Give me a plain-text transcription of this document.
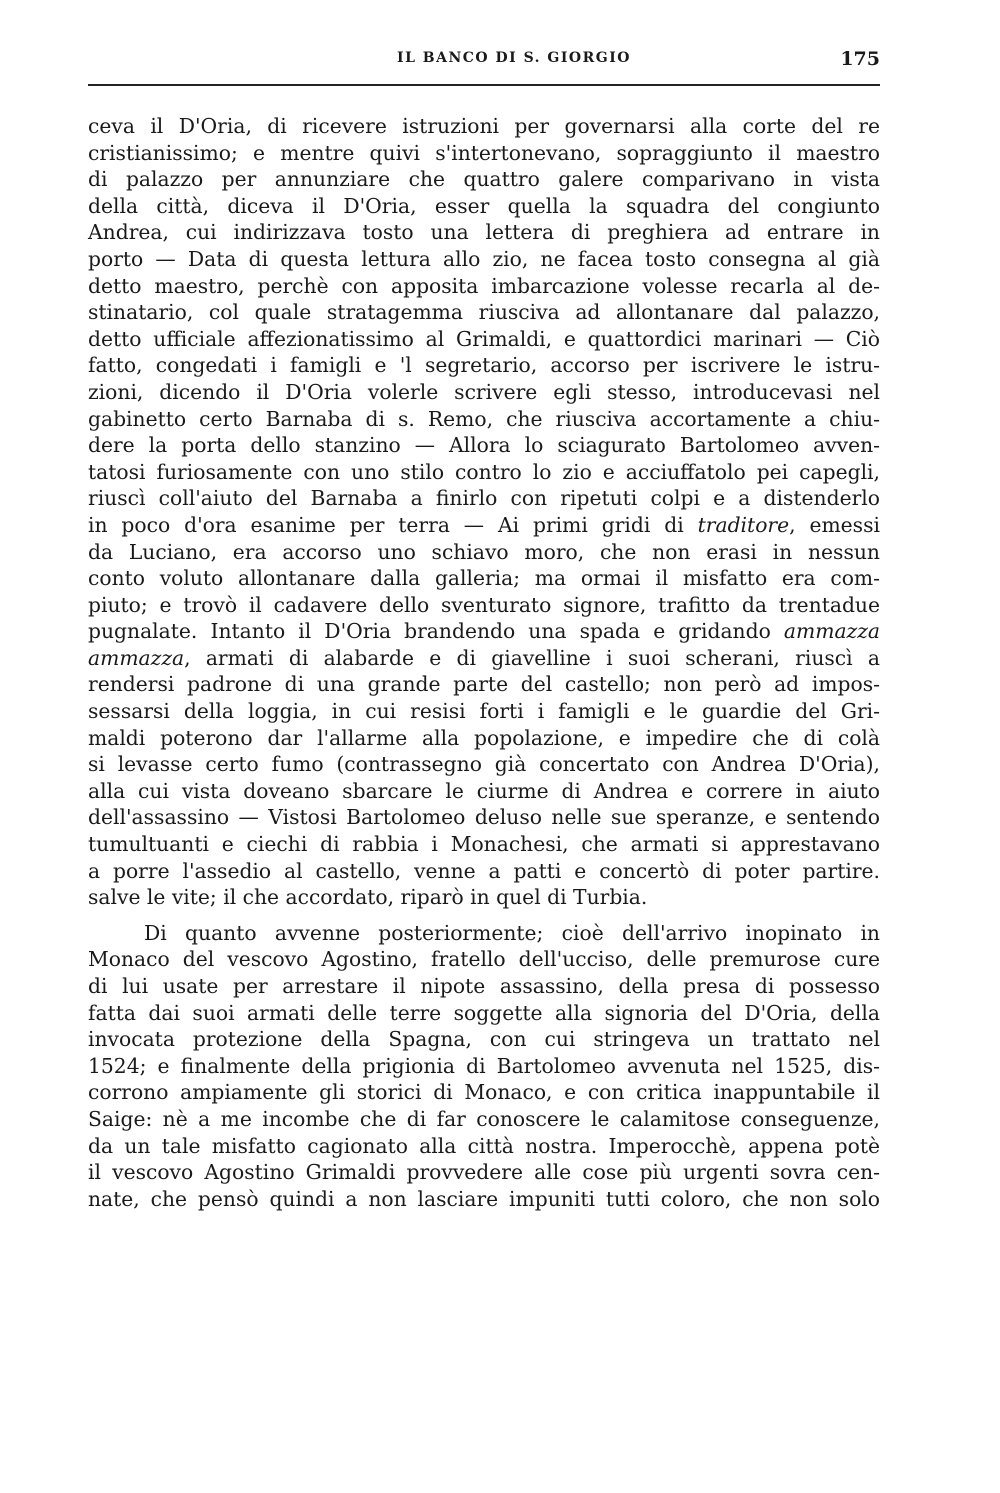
IL BANCO DI S. GIORGIO	175
ceva il D'Oria, di ricevere istruzioni per governarsi alla corte del re
cristianissimo; e mentre quivi s'intertonevano, sopraggiunto il maestro
di palazzo per annunziare che quattro galere comparivano in vista
della città, diceva il D'Oria, esser quella la squadra del congiunto
Andrea, cui indirizzava tosto una lettera di preghiera ad entrare in
porto — Data di questa lettura allo zio, ne facea tosto consegna al già
detto maestro, perchè con apposita imbarcazione volesse recarla al de-
stinatario, col quale stratagemma riusciva ad allontanare dal palazzo,
detto ufficiale affezionatissimo al Grimaldi, e quattordici marinari — Ciò
fatto, congedati i famigli e 'l segretario, accorso per iscrivere le istru-
zioni, dicendo il D'Oria volerle scrivere egli stesso, introducevasi nel
gabinetto certo Barnaba di s. Remo, che riusciva accortamente a chiu-
dere la porta dello stanzino — Allora lo sciagurato Bartolomeo avven-
tatosi furiosamente con uno stilo contro lo zio e acciuffatolo pei capegli,
riuscì coll'aiuto del Barnaba a finirlo con ripetuti colpi e a distenderlo
in poco d'ora esanime per terra — Ai primi gridi di traditore, emessi
da Luciano, era accorso uno schiavo moro, che non erasi in nessun
conto voluto allontanare dalla galleria; ma ormai il misfatto era com-
piuto; e trovò il cadavere dello sventurato signore, trafitto da trentadue
pugnalate. Intanto il D'Oria brandendo una spada e gridando ammazza
ammazza, armati di alabarde e di giavelline i suoi scherani, riuscì a
rendersi padrone di una grande parte del castello; non però ad impos-
sessarsi della loggia, in cui resisi forti i famigli e le guardie del Gri-
maldi poterono dar l'allarme alla popolazione, e impedire che di colà
si levasse certo fumo (contrassegno già concertato con Andrea D'Oria),
alla cui vista doveano sbarcare le ciurme di Andrea e correre in aiuto
dell'assassino — Vistosi Bartolomeo deluso nelle sue speranze, e sentendo
tumultuanti e ciechi di rabbia i Monachesi, che armati si apprestavano
a porre l'assedio al castello, venne a patti e concertò di poter partire.
salve le vite; il che accordato, riparò in quel di Turbia.
Di quanto avvenne posteriormente; cioè dell'arrivo inopinato in
Monaco del vescovo Agostino, fratello dell'ucciso, delle premurose cure
di lui usate per arrestare il nipote assassino, della presa di possesso
fatta dai suoi armati delle terre soggette alla signoria del D'Oria, della
invocata protezione della Spagna, con cui stringeva un trattato nel
1524; e finalmente della prigionia di Bartolomeo avvenuta nel 1525, dis-
corrono ampiamente gli storici di Monaco, e con critica inappuntabile il
Saige: nè a me incombe che di far conoscere le calamitose conseguenze,
da un tale misfatto cagionato alla città nostra. Imperocchè, appena potè
il vescovo Agostino Grimaldi provvedere alle cose più urgenti sovra cen-
nate, che pensò quindi a non lasciare impuniti tutti coloro, che non solo
